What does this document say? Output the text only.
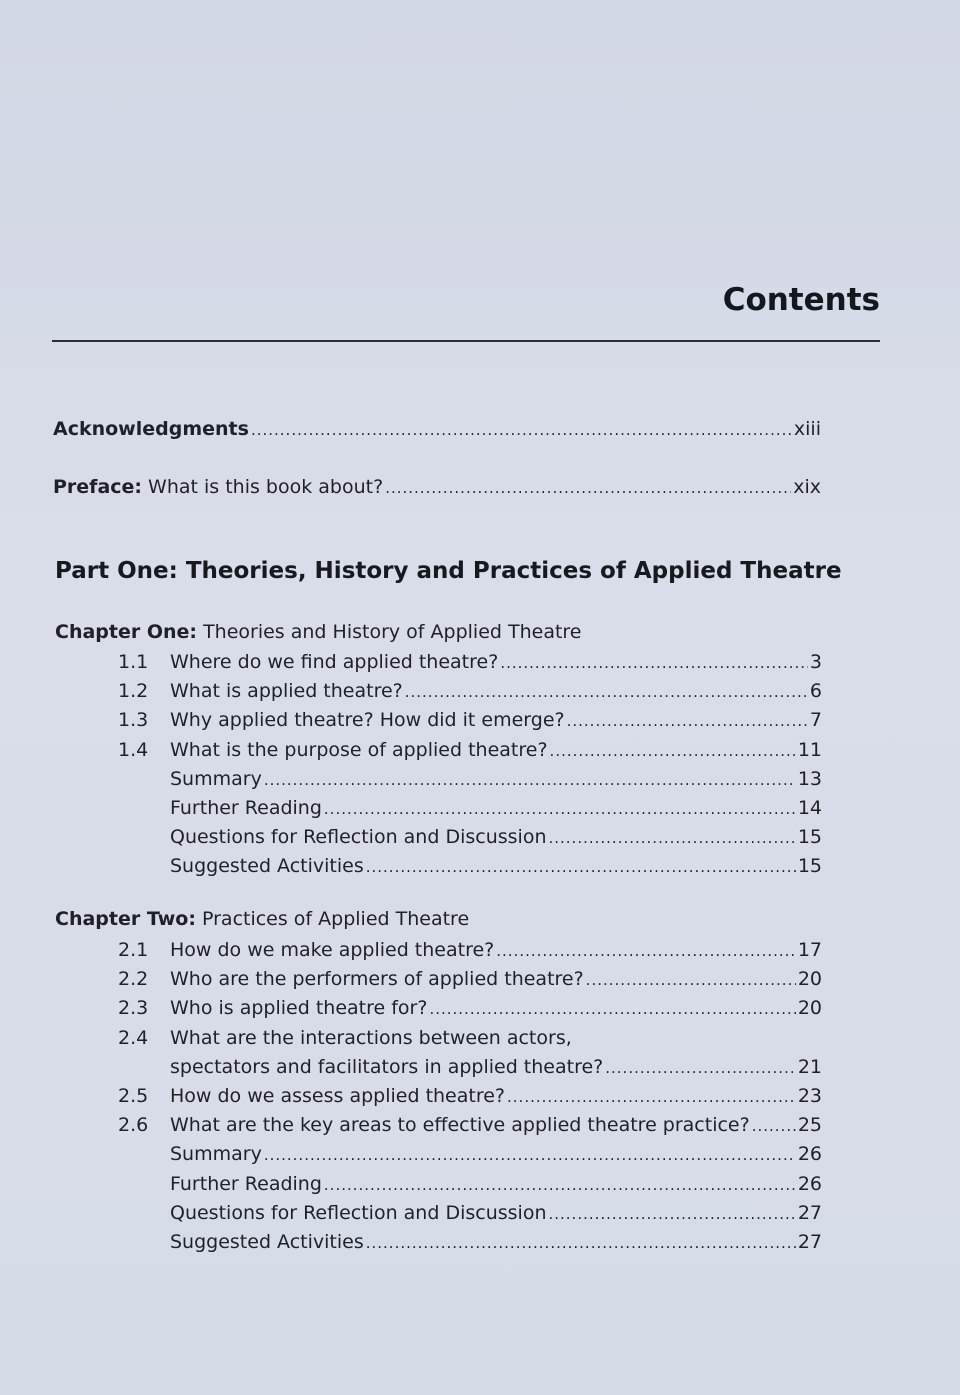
Contents
Acknowledgments .....	xiii
Preface: What is this book about? .....	xix
Part One: Theories, History and Practices of Applied Theatre
Chapter One: Theories and History of Applied Theatre
1.1	Where do we find applied theatre? .....	3
1.2	What is applied theatre? .....	6
1.3	Why applied theatre? How did it emerge? .....	7
1.4	What is the purpose of applied theatre? .....	11
Summary .....	13
Further Reading .....	14
Questions for Reflection and Discussion .....	15
Suggested Activities .....	15
Chapter Two: Practices of Applied Theatre
2.1	How do we make applied theatre? .....	17
2.2	Who are the performers of applied theatre? .....	20
2.3	Who is applied theatre for? .....	20
2.4	What are the interactions between actors,
spectators and facilitators in applied theatre? .....	21
2.5	How do we assess applied theatre? .....	23
2.6	What are the key areas to effective applied theatre practice? .....	25
Summary .....	26
Further Reading .....	26
Questions for Reflection and Discussion .....	27
Suggested Activities .....	27
